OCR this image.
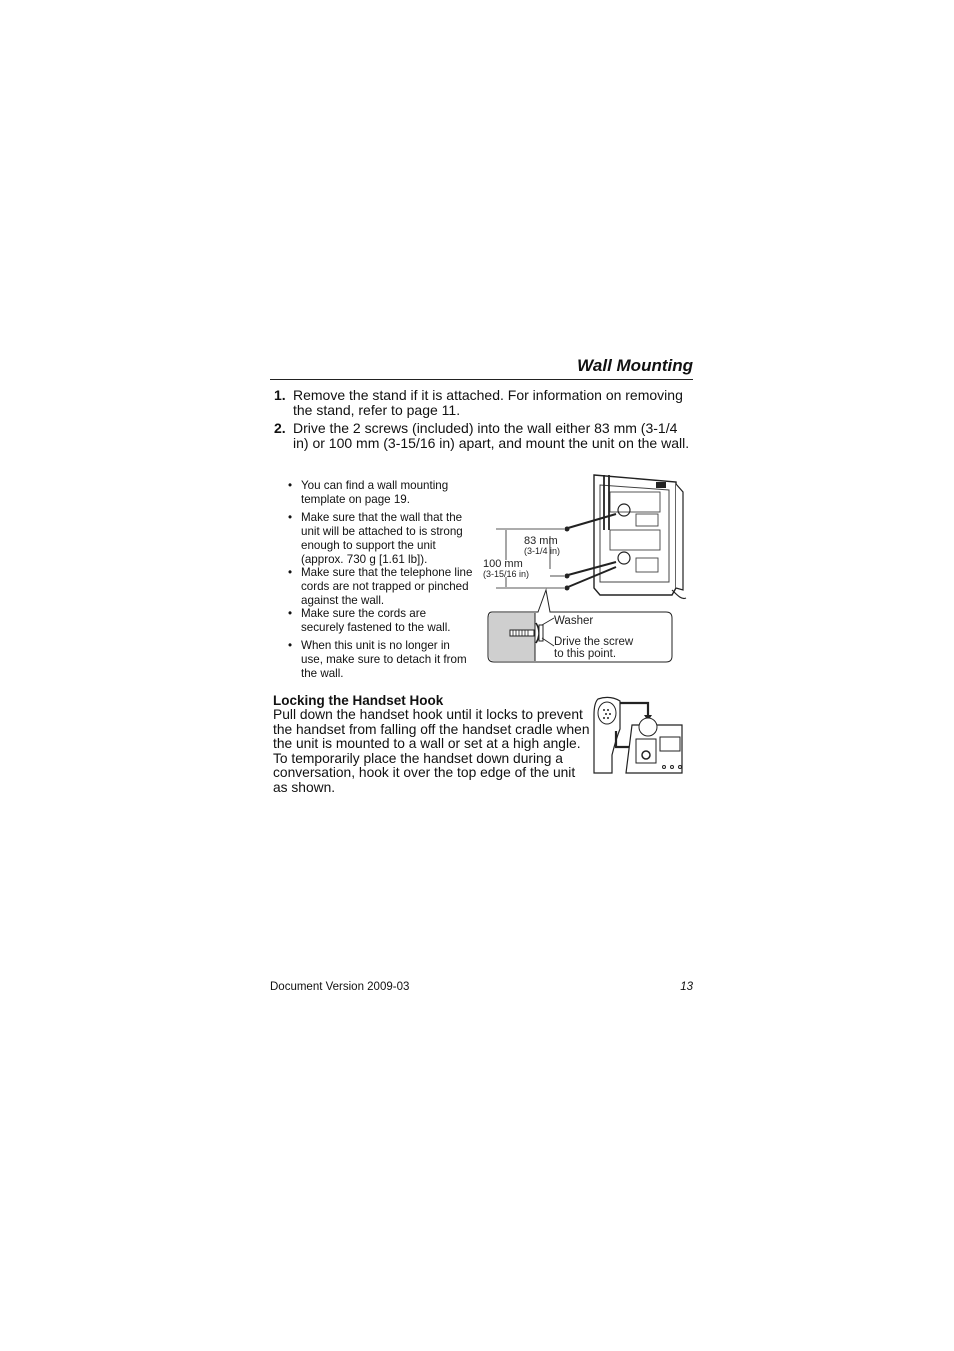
Wall Mounting
1. Remove the stand if it is attached. For information on removing the stand, refer to page 11.
2. Drive the 2 screws (included) into the wall either 83 mm (3-1/4 in) or 100 mm (3-15/16 in) apart, and mount the unit on the wall.
• You can find a wall mounting template on page 19.
• Make sure that the wall that the unit will be attached to is strong enough to support the unit (approx. 730 g [1.61 lb]).
• Make sure that the telephone line cords are not trapped or pinched against the wall.
• Make sure the cords are securely fastened to the wall.
• When this unit is no longer in use, make sure to detach it from the wall.
83 mm
(3-1/4 in)
100 mm
(3-15/16 in)
Washer
Drive the screw
to this point.
Locking the Handset Hook
Pull down the handset hook until it locks to prevent the handset from falling off the handset cradle when the unit is mounted to a wall or set at a high angle. To temporarily place the handset down during a conversation, hook it over the top edge of the unit as shown.
Document Version 2009-03	13
